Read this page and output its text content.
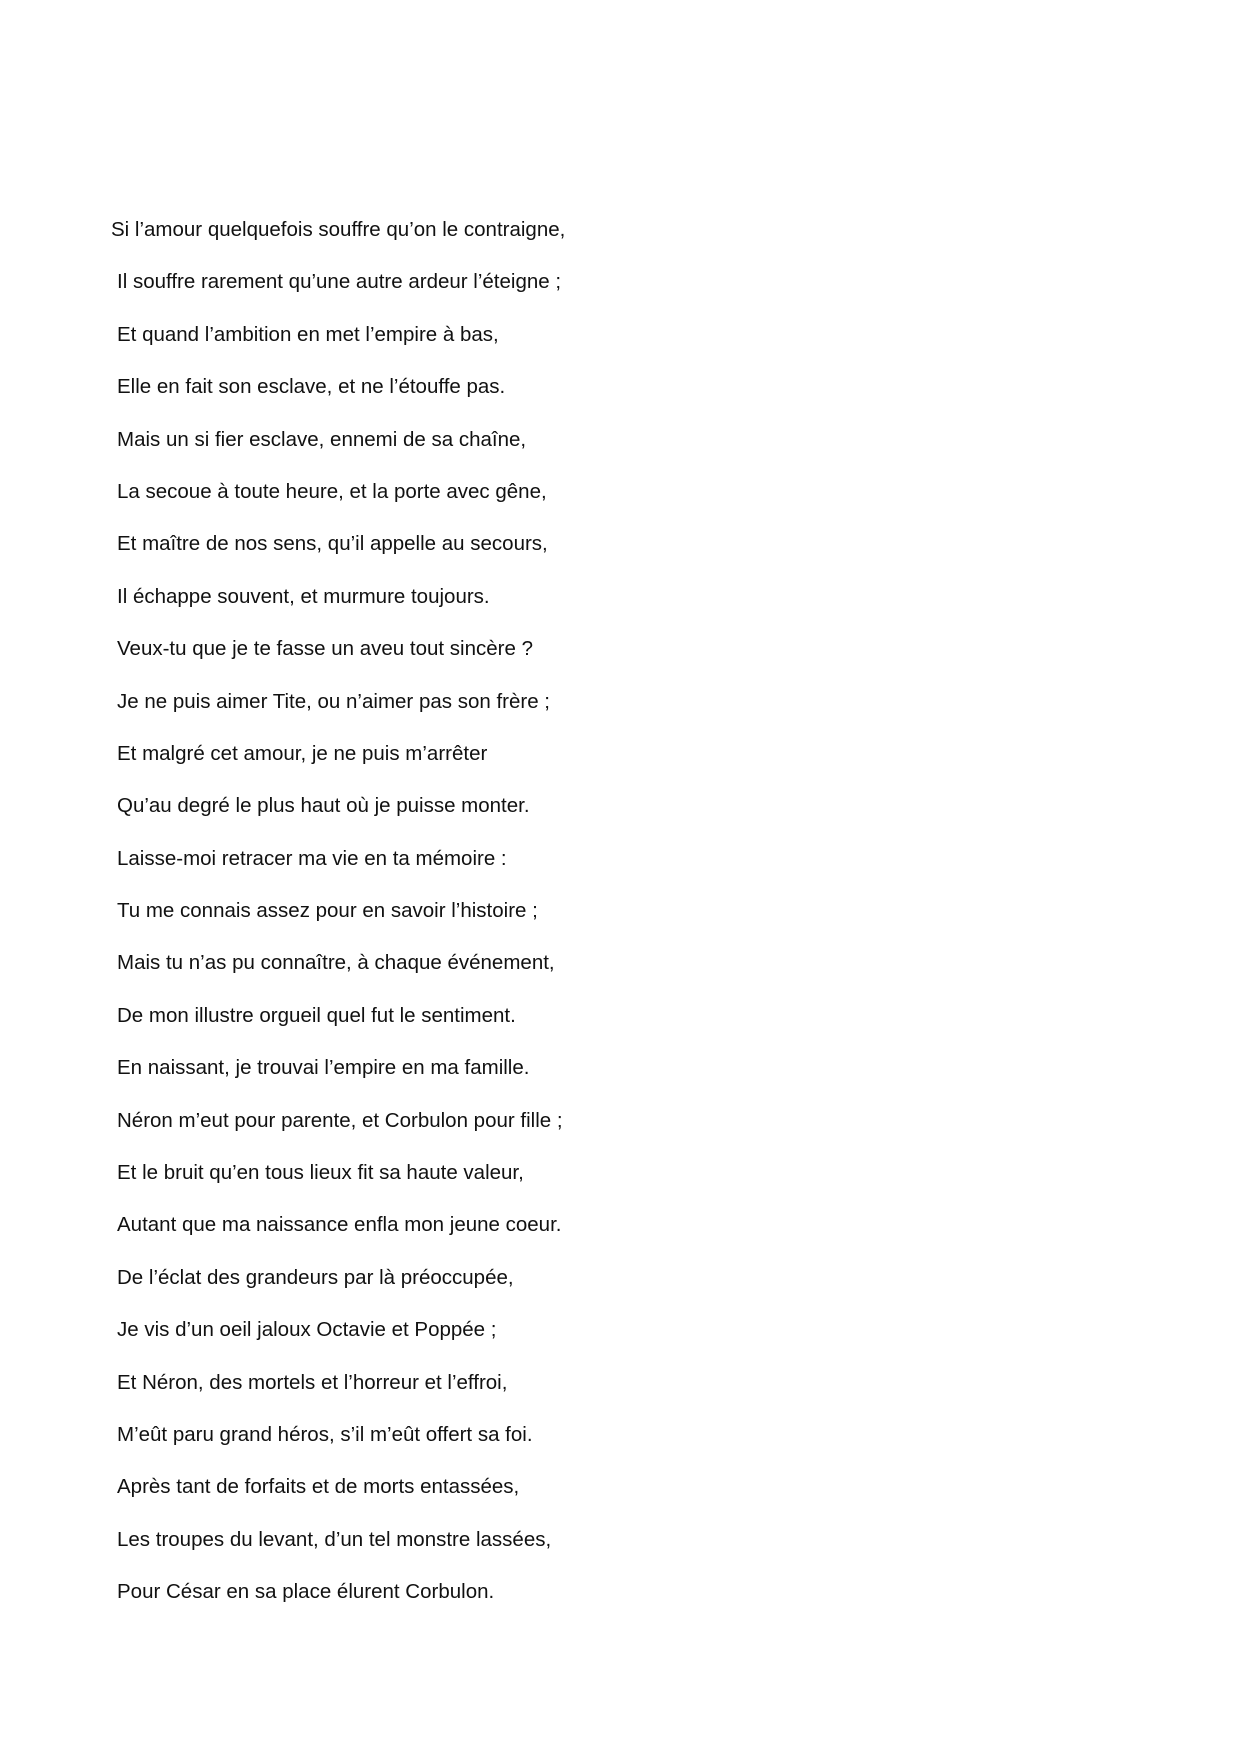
Si l’amour quelquefois souffre qu’on le contraigne,
Il souffre rarement qu’une autre ardeur l’éteigne ;
Et quand l’ambition en met l’empire à bas,
Elle en fait son esclave, et ne l’étouffe pas.
Mais un si fier esclave, ennemi de sa chaîne,
La secoue à toute heure, et la porte avec gêne,
Et maître de nos sens, qu’il appelle au secours,
Il échappe souvent, et murmure toujours.
Veux-tu que je te fasse un aveu tout sincère ?
Je ne puis aimer Tite, ou n’aimer pas son frère ;
Et malgré cet amour, je ne puis m’arrêter
Qu’au degré le plus haut où je puisse monter.
Laisse-moi retracer ma vie en ta mémoire :
Tu me connais assez pour en savoir l’histoire ;
Mais tu n’as pu connaître, à chaque événement,
De mon illustre orgueil quel fut le sentiment.
En naissant, je trouvai l’empire en ma famille.
Néron m’eut pour parente, et Corbulon pour fille ;
Et le bruit qu’en tous lieux fit sa haute valeur,
Autant que ma naissance enfla mon jeune coeur.
De l’éclat des grandeurs par là préoccupée,
Je vis d’un oeil jaloux Octavie et Poppée ;
Et Néron, des mortels et l’horreur et l’effroi,
M’eût paru grand héros, s’il m’eût offert sa foi.
Après tant de forfaits et de morts entassées,
Les troupes du levant, d’un tel monstre lassées,
Pour César en sa place élurent Corbulon.
